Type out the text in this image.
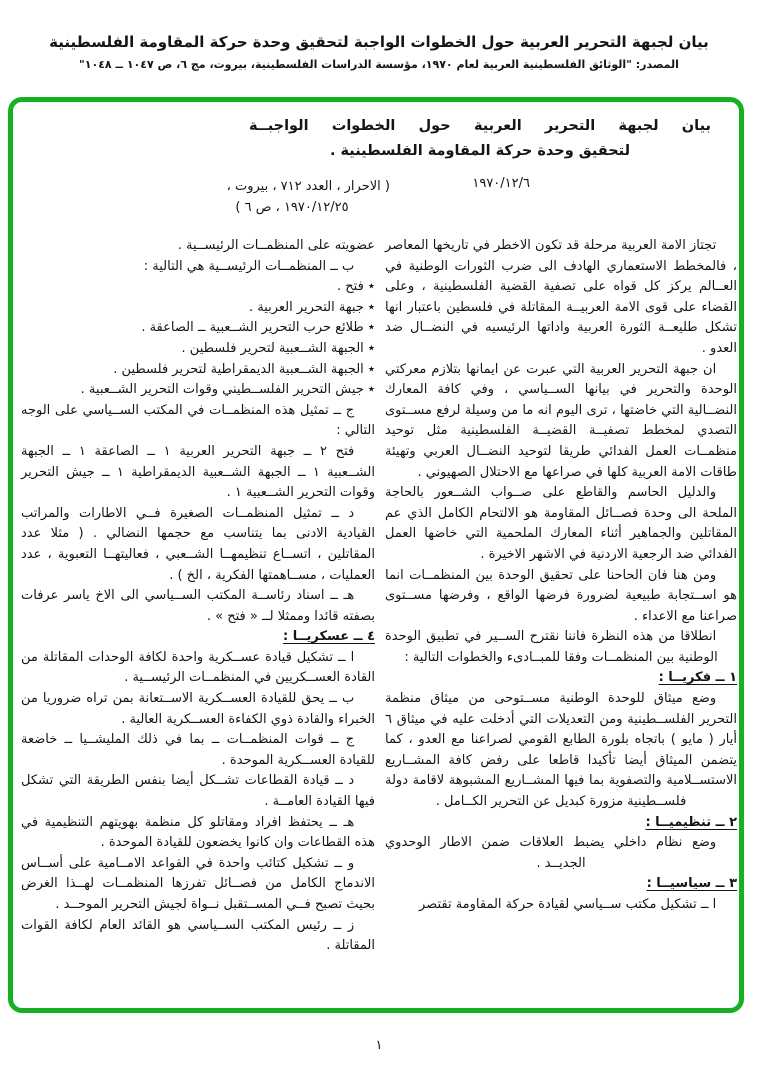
بيان لجبهة التحرير العربية حول الخطوات الواجبة لتحقيق وحدة حركة المقاومة الفلسطينية
المصدر: "الوثائق الفلسطينية العربية لعام ١٩٧٠، مؤسسة الدراسات الفلسطينية، بيروت، مج ٦، ص ١٠٤٧ ــ ١٠٤٨"
بيان لجبهة التحرير العربية حول الخطوات الواجبــة
لتحقيق وحدة حركة المقاومة الفلسطينية .
١٩٧٠/١٢/٦
( الاحرار ، العدد ٧١٢ ، بيروت ،
١٩٧٠/١٢/٢٥ ، ص ٦ )

تجتاز الامة العربية مرحلة قد تكون الاخطر في تاريخها المعاصر ، فالمخطط الاستعماري الهادف الى ضرب الثورات الوطنية في العــالم يركز كل قواه على تصفية القضية الفلسطينية ، وعلى القضاء على قوى الامة العربيــة المقاتلة في فلسطين باعتبار انها تشكل طليعــة الثورة العربية واداتها الرئيسيه في النضــال ضد العدو .

ان جبهة التحرير العربية التي عبرت عن ايمانها بتلازم معركتي الوحدة والتحرير في بيانها الســياسي ، وفي كافة المعارك النضــالية التي خاضتها ، ترى اليوم انه ما من وسيلة لرفع مســتوى التصدي لمخطط تصفيــة القضيــة الفلسطينية مثل توحيد منظمــات العمل الفدائي طريقا لتوحيد النضــال العربي وتهيئة طاقات الامة العربية كلها في صراعها مع الاحتلال الصهيوني .

والدليل الحاسم والقاطع على صــواب الشــعور بالحاجة الملحة الى وحدة فصــائل المقاومة هو الالتحام الكامل الذي عم المقاتلين والجماهير أثناء المعارك الملحمية التي خاضها العمل الفدائي ضد الرجعية الاردنية في الاشهر الاخيرة .

ومن هنا فان الحاحنا على تحقيق الوحدة بين المنظمــات انما هو اســتجابة طبيعية لضرورة فرضها الواقع ، وفرضها مســتوى صراعنا مع الاعداء .

انطلاقا من هذه النظرة فاننا نقترح الســير في تطبيق الوحدة الوطنية بين المنظمــات وفقا للمبــادىء والخطوات التالية :

١ ــ فكريــا :

وضع ميثاق للوحدة الوطنية مســتوحى من ميثاق منظمة التحرير الفلســطينية ومن التعديلات التي أدخلت عليه في ميثاق ٦ أيار ( مايو ) باتجاه بلورة الطابع القومي لصراعنا مع العدو ، كما يتضمن الميثاق أيضا تأكيدا قاطعا على رفض كافة المشــاريع الاستســلامية والتصفوية بما فيها المشــاريع المشبوهة لاقامة دولة فلســطينية مزورة كبديل عن التحرير الكــامل .

٢ ــ تنظيميــا :

وضع نظام داخلي يضبط العلاقات ضمن الاطار الوحدوي الجديــد .

٣ ــ سياسيــا :

ا ــ تشكيل مكتب ســياسي لقيادة حركة المقاومة تقتصر

عضويته على المنظمــات الرئيســية .

ب ــ المنظمــات الرئيســية هي التالية :

٭ فتح .

٭ جبهة التحرير العربية .

٭ طلائع حرب التحرير الشــعبية ــ الصاعقة .

٭ الجبهة الشــعبية لتحرير فلسطين .

٭ الجبهة الشــعبية الديمقراطية لتحرير فلسطين .

٭ جيش التحرير الفلســطيني وقوات التحرير الشــعبية .

ج ــ تمثيل هذه المنظمــات في المكتب الســياسي على الوجه التالي :

فتح ٢ ــ جبهة التحرير العربية ١ ــ الصاعقة ١ ــ الجبهة الشــعبية ١ ــ الجبهة الشــعبية الديمقراطية ١ ــ جيش التحرير وقوات التحرير الشــعبية ١ .

د ــ تمثيل المنظمــات الصغيرة فــي الاطارات والمراتب القيادية الادنى بما يتناسب مع حجمها النضالي . ( مثلا عدد المقاتلين ، اتســاع تنظيمهــا الشــعبي ، فعاليتهــا التعبوية ، عدد العمليات ، مســاهمتها الفكرية ، الخ ) .

هـ ــ اسناد رئاســة المكتب الســياسي الى الاخ ياسر عرفات بصفته قائدا وممثلا لــ « فتح » .

٤ ــ عسكريــا :

ا ــ تشكيل قيادة عســكرية واحدة لكافة الوحدات المقاتلة من القادة العســكريين في المنظمــات الرئيســية .

ب ــ يحق للقيادة العســكرية الاســتعانة بمن تراه ضروريا من الخبراء والقادة ذوي الكفاءة العســكرية العالية .

ج ــ قوات المنظمــات ــ بما في ذلك المليشــيا ــ خاضعة للقيادة العســكرية الموحدة .

د ــ قيادة القطاعات تشــكل أيضا بنفس الطريقة التي تشكل فيها القيادة العامــة .

هـ ــ يحتفظ افراد ومقاتلو كل منظمة بهويتهم التنظيمية في هذه القطاعات وان كانوا يخضعون للقيادة الموحدة .

و ــ تشكيل كتائب واحدة في القواعد الامــامية على أســاس الاندماج الكامل من فصــائل تفرزها المنظمــات لهــذا الغرض بحيث تصبح فــي المســتقبل نــواة لجيش التحرير الموحــد .

ز ــ رئيس المكتب الســياسي هو القائد العام لكافة القوات المقاتلة .

١
